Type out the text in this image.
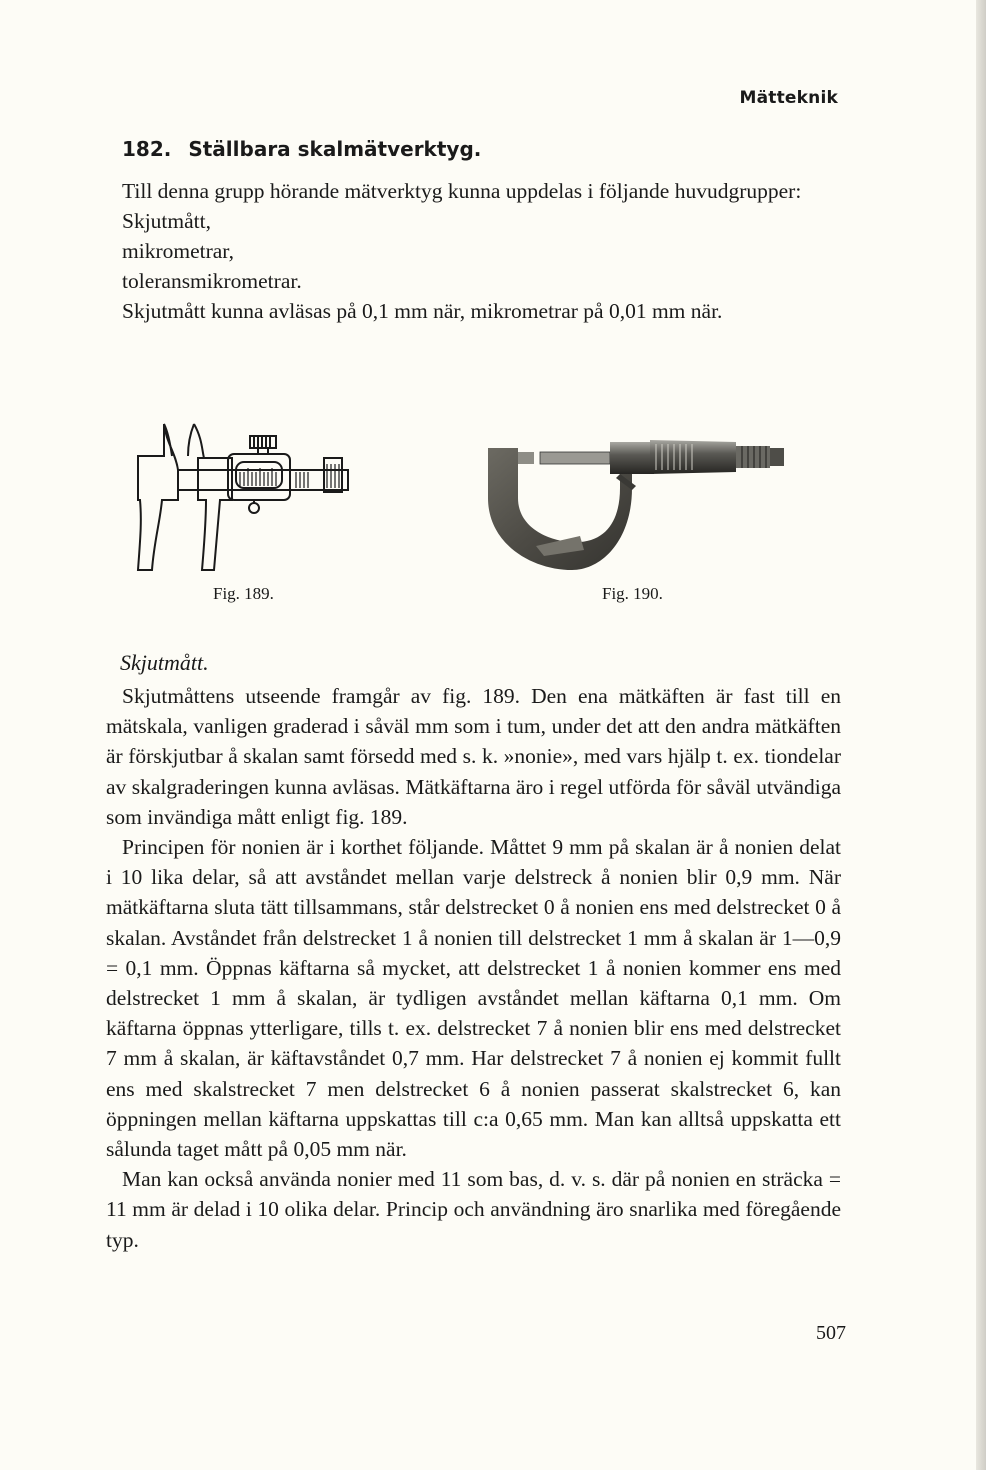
Mätteknik
182. Ställbara skalmätverktyg.

Till denna grupp hörande mätverktyg kunna uppdelas i följande huvudgrupper:

Skjutmått,

mikrometrar,

toleransmikrometrar.

Skjutmått kunna avläsas på 0,1 mm när, mikrometrar på 0,01 mm när.

Fig. 189.	Fig. 190.
Skjutmått.

Skjutmåttens utseende framgår av fig. 189. Den ena mätkäften är fast till en mätskala, vanligen graderad i såväl mm som i tum, under det att den andra mätkäften är förskjutbar å skalan samt försedd med s. k. »nonie», med vars hjälp t. ex. tiondelar av skalgraderingen kunna avläsas. Mätkäftarna äro i regel utförda för såväl utvändiga som invändiga mått enligt fig. 189.

Principen för nonien är i korthet följande. Måttet 9 mm på skalan är å nonien delat i 10 lika delar, så att avståndet mellan varje delstreck å nonien blir 0,9 mm. När mätkäftarna sluta tätt tillsammans, står delstrecket 0 å nonien ens med delstrecket 0 å skalan. Avståndet från delstrecket 1 å nonien till delstrecket 1 mm å skalan är 1—0,9 = 0,1 mm. Öppnas käftarna så mycket, att delstrecket 1 å nonien kommer ens med delstrecket 1 mm å skalan, är tydligen avståndet mellan käftarna 0,1 mm. Om käftarna öppnas ytterligare, tills t. ex. delstrecket 7 å nonien blir ens med delstrecket 7 mm å skalan, är käftavståndet 0,7 mm. Har delstrecket 7 å nonien ej kommit fullt ens med skalstrecket 7 men delstrecket 6 å nonien passerat skalstrecket 6, kan öppningen mellan käftarna uppskattas till c:a 0,65 mm. Man kan alltså uppskatta ett sålunda taget mått på 0,05 mm när.

Man kan också använda nonier med 11 som bas, d. v. s. där på nonien en sträcka = 11 mm är delad i 10 olika delar. Princip och användning äro snarlika med föregående typ.

507
